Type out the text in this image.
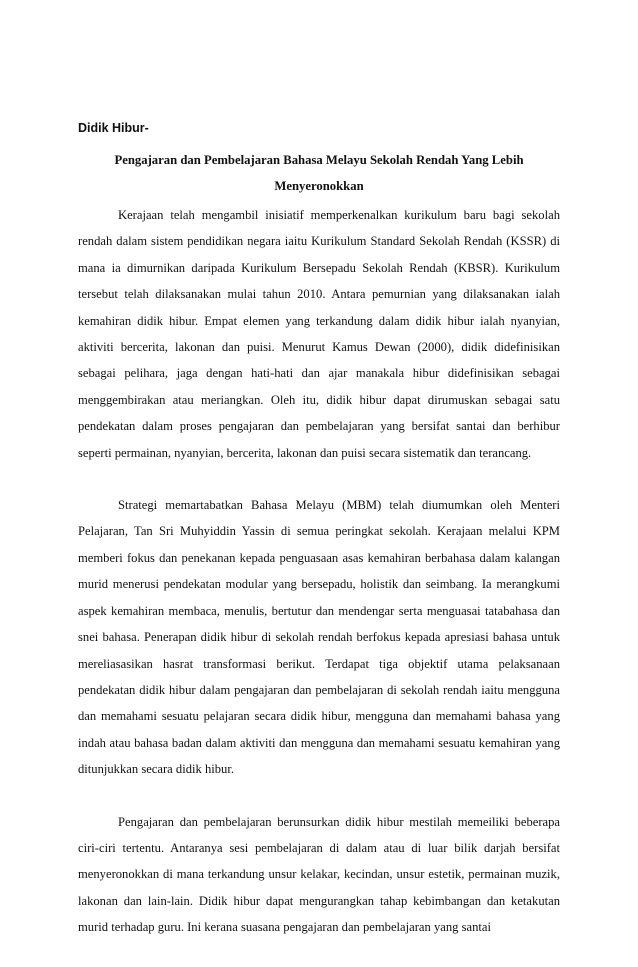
Didik Hibur-
Pengajaran dan Pembelajaran Bahasa Melayu Sekolah Rendah Yang Lebih
Menyeronokkan

Kerajaan telah mengambil inisiatif memperkenalkan kurikulum baru bagi sekolah rendah dalam sistem pendidikan negara iaitu Kurikulum Standard Sekolah Rendah (KSSR) di mana ia dimurnikan daripada Kurikulum Bersepadu Sekolah Rendah (KBSR). Kurikulum tersebut telah dilaksanakan mulai tahun 2010. Antara pemurnian yang dilaksanakan ialah kemahiran didik hibur. Empat elemen yang terkandung dalam didik hibur ialah nyanyian, aktiviti bercerita, lakonan dan puisi. Menurut Kamus Dewan (2000), didik didefinisikan sebagai pelihara, jaga dengan hati-hati dan ajar manakala hibur didefinisikan sebagai menggembirakan atau meriangkan. Oleh itu, didik hibur dapat dirumuskan sebagai satu pendekatan dalam proses pengajaran dan pembelajaran yang bersifat santai dan berhibur seperti permainan, nyanyian, bercerita, lakonan dan puisi secara sistematik dan terancang.

Strategi memartabatkan Bahasa Melayu (MBM) telah diumumkan oleh Menteri Pelajaran, Tan Sri Muhyiddin Yassin di semua peringkat sekolah. Kerajaan melalui KPM memberi fokus dan penekanan kepada penguasaan asas kemahiran berbahasa dalam kalangan murid menerusi pendekatan modular yang bersepadu, holistik dan seimbang. Ia merangkumi aspek kemahiran membaca, menulis, bertutur dan mendengar serta menguasai tatabahasa dan snei bahasa. Penerapan didik hibur di sekolah rendah berfokus kepada apresiasi bahasa untuk mereliasasikan hasrat transformasi berikut. Terdapat tiga objektif utama pelaksanaan pendekatan didik hibur dalam pengajaran dan pembelajaran di sekolah rendah iaitu mengguna dan memahami sesuatu pelajaran secara didik hibur, mengguna dan memahami bahasa yang indah atau bahasa badan dalam aktiviti dan mengguna dan memahami sesuatu kemahiran yang ditunjukkan secara didik hibur.

Pengajaran dan pembelajaran berunsurkan didik hibur mestilah memeiliki beberapa ciri-ciri tertentu. Antaranya sesi pembelajaran di dalam atau di luar bilik darjah bersifat menyeronokkan di mana terkandung unsur kelakar, kecindan, unsur estetik, permainan muzik, lakonan dan lain-lain. Didik hibur dapat mengurangkan tahap kebimbangan dan ketakutan murid terhadap guru. Ini kerana suasana pengajaran dan pembelajaran yang santai
